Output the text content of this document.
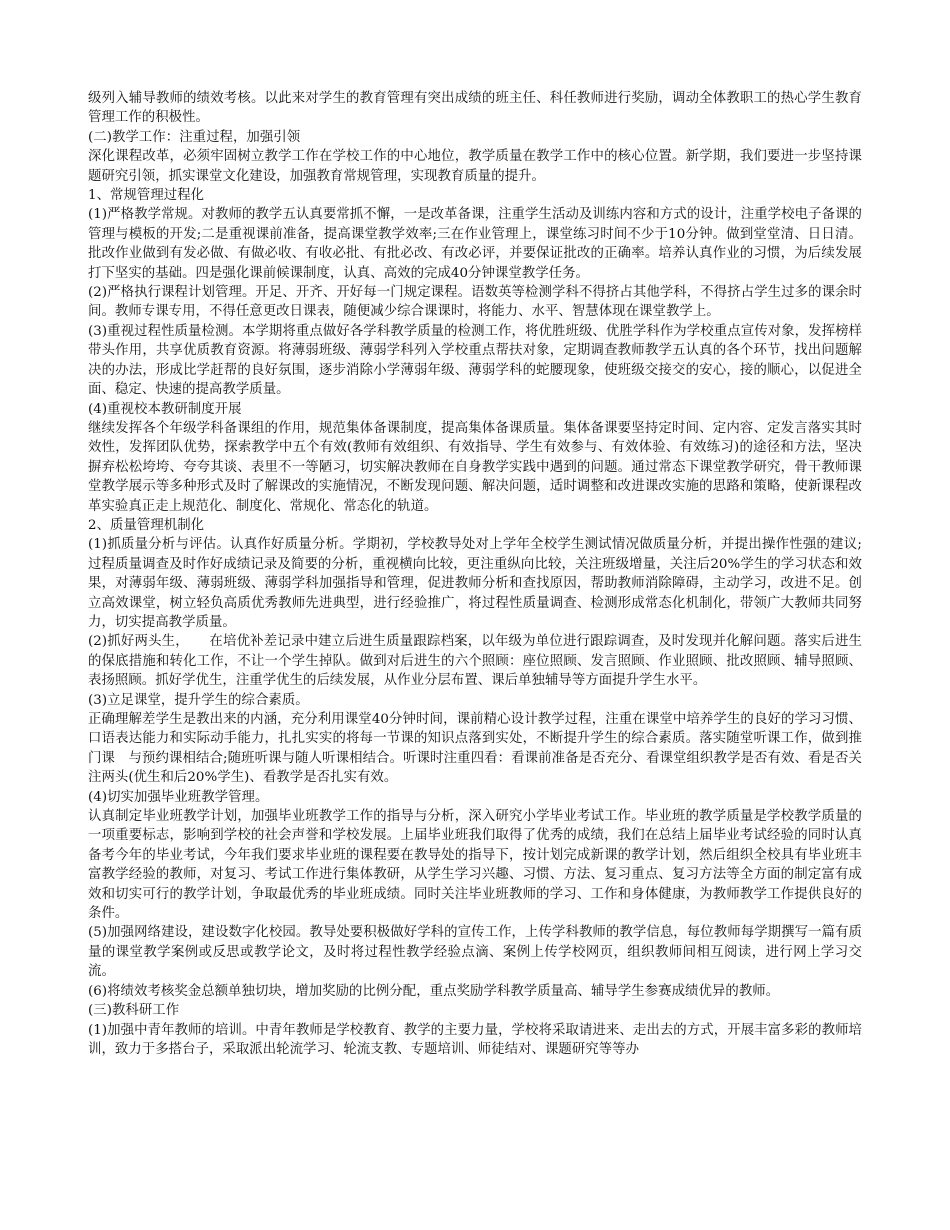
级列入辅导教师的绩效考核。以此来对学生的教育管理有突出成绩的班主任、科任教师进行奖励，调动全体教职工的热心学生教育管理工作的积极性。

(二)教学工作：注重过程，加强引领

深化课程改革，必须牢固树立教学工作在学校工作的中心地位，教学质量在教学工作中的核心位置。新学期，我们要进一步坚持课题研究引领，抓实课堂文化建设，加强教育常规管理，实现教育质量的提升。

1、常规管理过程化

(1)严格教学常规。对教师的教学五认真要常抓不懈，一是改革备课，注重学生活动及训练内容和方式的设计，注重学校电子备课的管理与模板的开发;二是重视课前准备，提高课堂教学效率;三在作业管理上，课堂练习时间不少于10分钟。做到堂堂清、日日清。批改作业做到有发必做、有做必收、有收必批、有批必改、有改必评，并要保证批改的正确率。培养认真作业的习惯，为后续发展打下坚实的基础。四是强化课前候课制度，认真、高效的完成40分钟课堂教学任务。

(2)严格执行课程计划管理。开足、开齐、开好每一门规定课程。语数英等检测学科不得挤占其他学科，不得挤占学生过多的课余时间。教师专课专用，不得任意更改日课表，随便减少综合课课时，将能力、水平、智慧体现在课堂教学上。

(3)重视过程性质量检测。本学期将重点做好各学科教学质量的检测工作，将优胜班级、优胜学科作为学校重点宣传对象，发挥榜样带头作用，共享优质教育资源。将薄弱班级、薄弱学科列入学校重点帮扶对象，定期调查教师教学五认真的各个环节，找出问题解决的办法，形成比学赶帮的良好氛围，逐步消除小学薄弱年级、薄弱学科的蛇腰现象，使班级交接交的安心，接的顺心，以促进全面、稳定、快速的提高教学质量。

(4)重视校本教研制度开展

继续发挥各个年级学科备课组的作用，规范集体备课制度，提高集体备课质量。集体备课要坚持定时间、定内容、定发言落实其时效性，发挥团队优势，探索教学中五个有效(教师有效组织、有效指导、学生有效参与、有效体验、有效练习)的途径和方法，坚决摒弃松松垮垮、夸夸其谈、表里不一等陋习，切实解决教师在自身教学实践中遇到的问题。通过常态下课堂教学研究，骨干教师课堂教学展示等多种形式及时了解课改的实施情况，不断发现问题、解决问题，适时调整和改进课改实施的思路和策略，使新课程改革实验真正走上规范化、制度化、常规化、常态化的轨道。

2、质量管理机制化

(1)抓质量分析与评估。认真作好质量分析。学期初，学校教导处对上学年全校学生测试情况做质量分析，并提出操作性强的建议;过程质量调查及时作好成绩记录及简要的分析，重视横向比较，更注重纵向比较，关注班级增量，关注后20%学生的学习状态和效果，对薄弱年级、薄弱班级、薄弱学科加强指导和管理，促进教师分析和查找原因，帮助教师消除障碍，主动学习，改进不足。创立高效课堂，树立轻负高质优秀教师先进典型，进行经验推广，将过程性质量调查、检测形成常态化机制化，带领广大教师共同努力，切实提高教学质量。

(2)抓好两头生，　　在培优补差记录中建立后进生质量跟踪档案，以年级为单位进行跟踪调查，及时发现并化解问题。落实后进生的保底措施和转化工作，不让一个学生掉队。做到对后进生的六个照顾：座位照顾、发言照顾、作业照顾、批改照顾、辅导照顾、表扬照顾。抓好学优生，注重学优生的后续发展，从作业分层布置、课后单独辅导等方面提升学生水平。

(3)立足课堂，提升学生的综合素质。

正确理解差学生是教出来的内涵，充分利用课堂40分钟时间，课前精心设计教学过程，注重在课堂中培养学生的良好的学习习惯、口语表达能力和实际动手能力，扎扎实实的将每一节课的知识点落到实处，不断提升学生的综合素质。落实随堂听课工作，做到推门课　与预约课相结合;随班听课与随人听课相结合。听课时注重四看：看课前准备是否充分、看课堂组织教学是否有效、看是否关注两头(优生和后20%学生)、看教学是否扎实有效。

(4)切实加强毕业班教学管理。

认真制定毕业班教学计划，加强毕业班教学工作的指导与分析，深入研究小学毕业考试工作。毕业班的教学质量是学校教学质量的一项重要标志，影响到学校的社会声誉和学校发展。上届毕业班我们取得了优秀的成绩，我们在总结上届毕业考试经验的同时认真备考今年的毕业考试，今年我们要求毕业班的课程要在教导处的指导下，按计划完成新课的教学计划，然后组织全校具有毕业班丰富教学经验的教师，对复习、考试工作进行集体教研，从学生学习兴趣、习惯、方法、复习重点、复习方法等全方面的制定富有成效和切实可行的教学计划，争取最优秀的毕业班成绩。同时关注毕业班教师的学习、工作和身体健康，为教师教学工作提供良好的条件。

(5)加强网络建设，建设数字化校园。教导处要积极做好学科的宣传工作，上传学科教师的教学信息，每位教师每学期撰写一篇有质量的课堂教学案例或反思或教学论文，及时将过程性教学经验点滴、案例上传学校网页，组织教师间相互阅读，进行网上学习交流。

(6)将绩效考核奖金总额单独切块，增加奖励的比例分配，重点奖励学科教学质量高、辅导学生参赛成绩优异的教师。

(三)教科研工作

(1)加强中青年教师的培训。中青年教师是学校教育、教学的主要力量，学校将采取请进来、走出去的方式，开展丰富多彩的教师培训，致力于多搭台子，采取派出轮流学习、轮流支教、专题培训、师徒结对、课题研究等等办
